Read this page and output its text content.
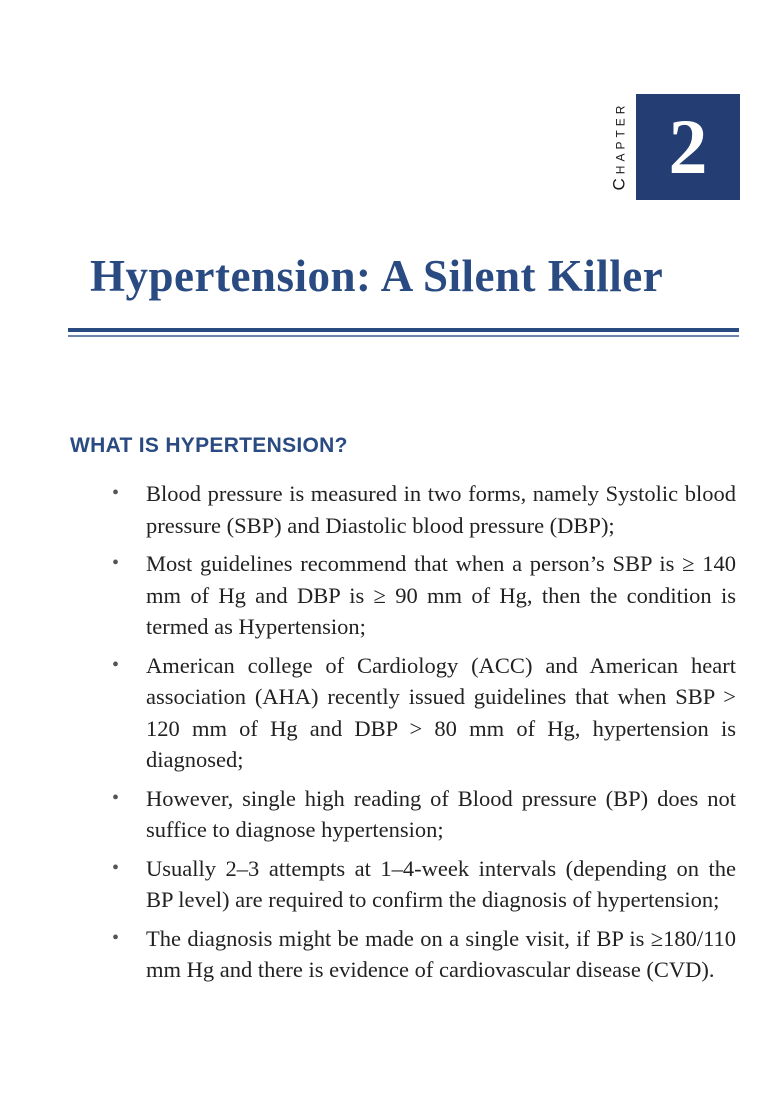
Chapter 2
Hypertension: A Silent Killer
WHAT IS HYPERTENSION?
• Blood pressure is measured in two forms, namely Systolic blood pressure (SBP) and Diastolic blood pressure (DBP);
• Most guidelines recommend that when a person’s SBP is ≥ 140 mm of Hg and DBP is ≥ 90 mm of Hg, then the condition is termed as Hypertension;
• American college of Cardiology (ACC) and American heart association (AHA) recently issued guidelines that when SBP > 120 mm of Hg and DBP > 80 mm of Hg, hypertension is diagnosed;
• However, single high reading of Blood pressure (BP) does not suffice to diagnose hypertension;
• Usually 2–3 attempts at 1–4-week intervals (depending on the BP level) are required to confirm the diagnosis of hypertension;
• The diagnosis might be made on a single visit, if BP is ≥180/110 mm Hg and there is evidence of cardiovascular disease (CVD).
